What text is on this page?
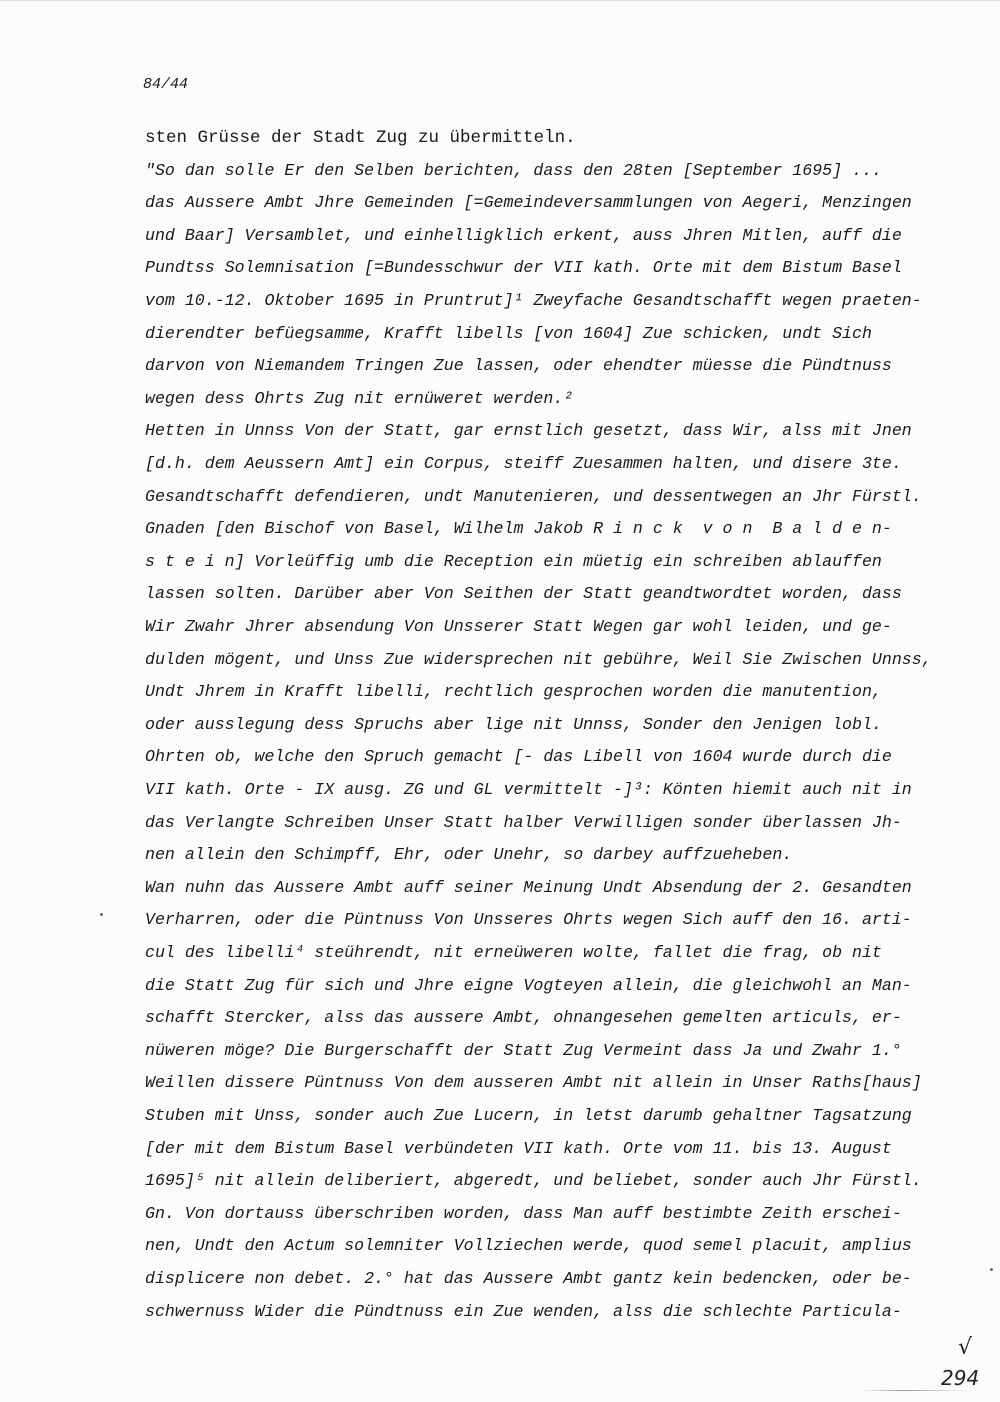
84/44
sten Grüsse der Stadt Zug zu übermitteln.
"So dan solle Er den Selben berichten, dass den 28ten [September 1695] ...
das Aussere Ambt Jhre Gemeinden [=Gemeindeversammlungen von Aegeri, Menzingen
und Baar] Versamblet, und einhelligklich erkent, auss Jhren Mitlen, auff die
Pundtss Solemnisation [=Bundesschwur der VII kath. Orte mit dem Bistum Basel
vom 10.-12. Oktober 1695 in Pruntrut]¹ Zweyfache Gesandtschafft wegen praeten-
dierendter befüegsamme, Krafft libells [von 1604] Zue schicken, undt Sich
darvon von Niemandem Tringen Zue lassen, oder ehendter müesse die Pündtnuss
wegen dess Ohrts Zug nit ernüweret werden.²
Hetten in Unnss Von der Statt, gar ernstlich gesetzt, dass Wir, alss mit Jnen
[d.h. dem Aeussern Amt] ein Corpus, steiff Zuesammen halten, und disere 3te.
Gesandtschafft defendieren, undt Manutenieren, und dessentwegen an Jhr Fürstl.
Gnaden [den Bischof von Basel, Wilhelm Jakob R i n c k  v o n  B a l d e n-
s t e i n] Vorleüffig umb die Reception ein müetig ein schreiben ablauffen
lassen solten. Darüber aber Von Seithen der Statt geandtwordtet worden, dass
Wir Zwahr Jhrer absendung Von Unsserer Statt Wegen gar wohl leiden, und ge-
dulden mögent, und Unss Zue widersprechen nit gebühre, Weil Sie Zwischen Unnss,
Undt Jhrem in Krafft libelli, rechtlich gesprochen worden die manutention,
oder ausslegung dess Spruchs aber lige nit Unnss, Sonder den Jenigen lobl.
Ohrten ob, welche den Spruch gemacht [- das Libell von 1604 wurde durch die
VII kath. Orte - IX ausg. ZG und GL vermittelt -]³: Könten hiemit auch nit in
das Verlangte Schreiben Unser Statt halber Verwilligen sonder überlassen Jh-
nen allein den Schimpff, Ehr, oder Unehr, so darbey auffzueheben.
Wan nuhn das Aussere Ambt auff seiner Meinung Undt Absendung der 2. Gesandten
Verharren, oder die Püntnuss Von Unsseres Ohrts wegen Sich auff den 16. arti-
cul des libelli⁴ steührendt, nit erneüweren wolte, fallet die frag, ob nit
die Statt Zug für sich und Jhre eigne Vogteyen allein, die gleichwohl an Man-
schafft Stercker, alss das aussere Ambt, ohnangesehen gemelten articuls, er-
nüweren möge? Die Burgerschafft der Statt Zug Vermeint dass Ja und Zwahr 1.°
Weillen dissere Püntnuss Von dem ausseren Ambt nit allein in Unser Raths[haus]
Stuben mit Unss, sonder auch Zue Lucern, in letst darumb gehaltner Tagsatzung
[der mit dem Bistum Basel verbündeten VII kath. Orte vom 11. bis 13. August
1695]⁵ nit allein deliberiert, abgeredt, und beliebet, sonder auch Jhr Fürstl.
Gn. Von dortauss überschriben worden, dass Man auff bestimbte Zeith erschei-
nen, Undt den Actum solemniter Vollziechen werde, quod semel placuit, amplius
displicere non debet. 2.° hat das Aussere Ambt gantz kein bedencken, oder be-
schwernuss Wider die Pündtnuss ein Zue wenden, alss die schlechte Particula-
√
294
